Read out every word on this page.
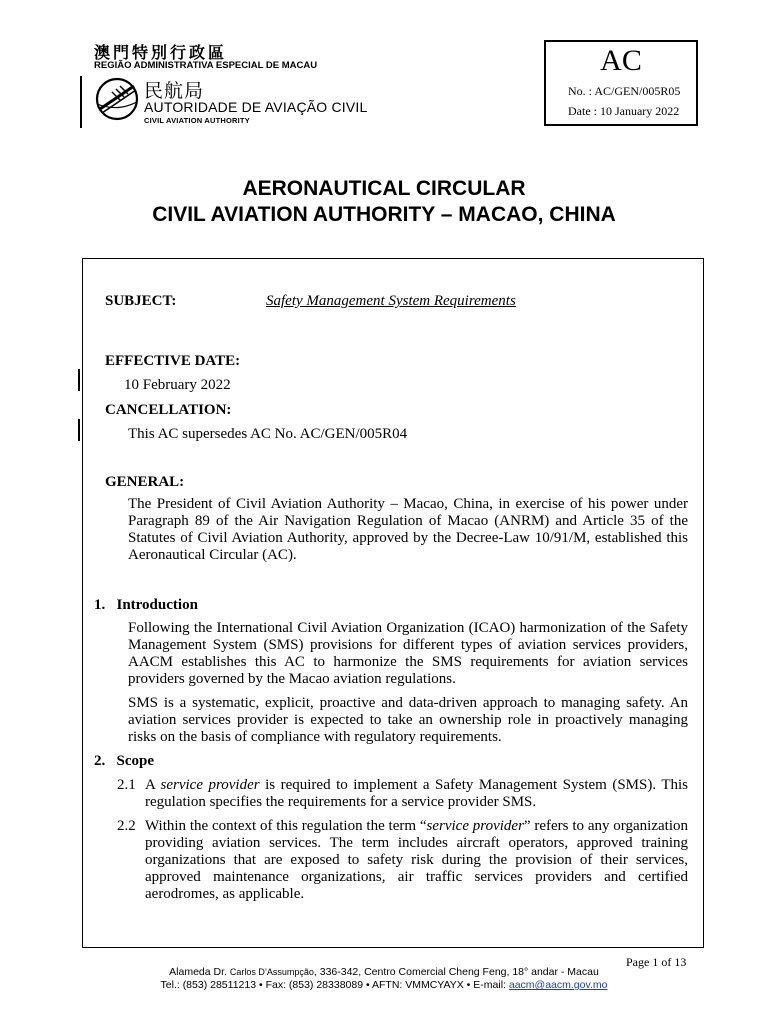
澳門特別行政區
REGIÃO ADMINISTRATIVA ESPECIAL DE MACAU
民航局
AUTORIDADE DE AVIAÇÃO CIVIL
CIVIL AVIATION AUTHORITY
AC
No. : AC/GEN/005R05
Date : 10 January 2022
AERONAUTICAL CIRCULAR
CIVIL AVIATION AUTHORITY – MACAO, CHINA
SUBJECT:	Safety Management System Requirements
EFFECTIVE DATE:
10 February 2022
CANCELLATION:
This AC supersedes AC No. AC/GEN/005R04
GENERAL:

The President of Civil Aviation Authority – Macao, China, in exercise of his power under Paragraph 89 of the Air Navigation Regulation of Macao (ANRM) and Article 35 of the Statutes of Civil Aviation Authority, approved by the Decree-Law 10/91/M, established this Aeronautical Circular (AC).

1.   Introduction

Following the International Civil Aviation Organization (ICAO) harmonization of the Safety Management System (SMS) provisions for different types of aviation services providers, AACM establishes this AC to harmonize the SMS requirements for aviation services providers governed by the Macao aviation regulations.

SMS is a systematic, explicit, proactive and data-driven approach to managing safety. An aviation services provider is expected to take an ownership role in proactively managing risks on the basis of compliance with regulatory requirements.

2.   Scope
2.1 A service provider is required to implement a Safety Management System (SMS). This regulation specifies the requirements for a service provider SMS.

2.2 Within the context of this regulation the term “service provider” refers to any organization providing aviation services. The term includes aircraft operators, approved training organizations that are exposed to safety risk during the provision of their services, approved maintenance organizations, air traffic services providers and certified aerodromes, as applicable.

Page 1 of 13
Alameda Dr. Carlos D’Assumpção, 336-342, Centro Comercial Cheng Feng, 18° andar - Macau
Tel.: (853) 28511213 • Fax: (853) 28338089 • AFTN: VMMCYAYX • E-mail: aacm@aacm.gov.mo
